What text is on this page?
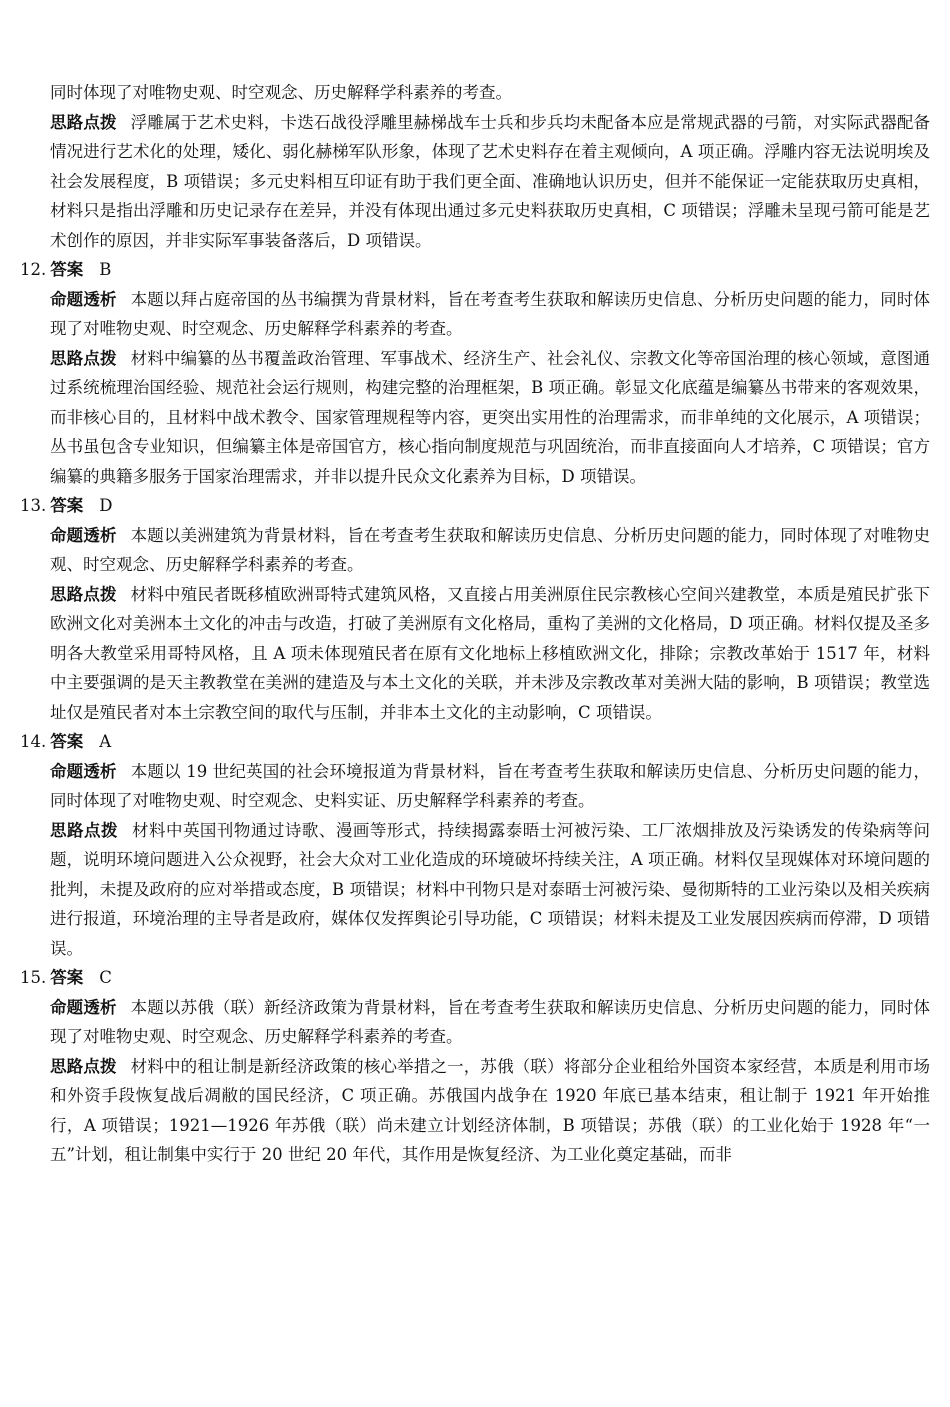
同时体现了对唯物史观、时空观念、历史解释学科素养的考查。

思路点拨 浮雕属于艺术史料，卡迭石战役浮雕里赫梯战车士兵和步兵均未配备本应是常规武器的弓箭，对实际武器配备情况进行艺术化的处理，矮化、弱化赫梯军队形象，体现了艺术史料存在着主观倾向，A 项正确。浮雕内容无法说明埃及社会发展程度，B 项错误；多元史料相互印证有助于我们更全面、准确地认识历史，但并不能保证一定能获取历史真相，材料只是指出浮雕和历史记录存在差异，并没有体现出通过多元史料获取历史真相，C 项错误；浮雕未呈现弓箭可能是艺术创作的原因，并非实际军事装备落后，D 项错误。

12. 答案 B

命题透析 本题以拜占庭帝国的丛书编撰为背景材料，旨在考查考生获取和解读历史信息、分析历史问题的能力，同时体现了对唯物史观、时空观念、历史解释学科素养的考查。

思路点拨 材料中编纂的丛书覆盖政治管理、军事战术、经济生产、社会礼仪、宗教文化等帝国治理的核心领域，意图通过系统梳理治国经验、规范社会运行规则，构建完整的治理框架，B 项正确。彰显文化底蕴是编纂丛书带来的客观效果，而非核心目的，且材料中战术教令、国家管理规程等内容，更突出实用性的治理需求，而非单纯的文化展示，A 项错误；丛书虽包含专业知识，但编纂主体是帝国官方，核心指向制度规范与巩固统治，而非直接面向人才培养，C 项错误；官方编纂的典籍多服务于国家治理需求，并非以提升民众文化素养为目标，D 项错误。

13. 答案 D

命题透析 本题以美洲建筑为背景材料，旨在考查考生获取和解读历史信息、分析历史问题的能力，同时体现了对唯物史观、时空观念、历史解释学科素养的考查。

思路点拨 材料中殖民者既移植欧洲哥特式建筑风格，又直接占用美洲原住民宗教核心空间兴建教堂，本质是殖民扩张下欧洲文化对美洲本土文化的冲击与改造，打破了美洲原有文化格局，重构了美洲的文化格局，D 项正确。材料仅提及圣多明各大教堂采用哥特风格，且 A 项未体现殖民者在原有文化地标上移植欧洲文化，排除；宗教改革始于 1517 年，材料中主要强调的是天主教教堂在美洲的建造及与本土文化的关联，并未涉及宗教改革对美洲大陆的影响，B 项错误；教堂选址仅是殖民者对本土宗教空间的取代与压制，并非本土文化的主动影响，C 项错误。

14. 答案 A

命题透析 本题以 19 世纪英国的社会环境报道为背景材料，旨在考查考生获取和解读历史信息、分析历史问题的能力，同时体现了对唯物史观、时空观念、史料实证、历史解释学科素养的考查。

思路点拨 材料中英国刊物通过诗歌、漫画等形式，持续揭露泰晤士河被污染、工厂浓烟排放及污染诱发的传染病等问题，说明环境问题进入公众视野，社会大众对工业化造成的环境破坏持续关注，A 项正确。材料仅呈现媒体对环境问题的批判，未提及政府的应对举措或态度，B 项错误；材料中刊物只是对泰晤士河被污染、曼彻斯特的工业污染以及相关疾病进行报道，环境治理的主导者是政府，媒体仅发挥舆论引导功能，C 项错误；材料未提及工业发展因疾病而停滞，D 项错误。

15. 答案 C

命题透析 本题以苏俄（联）新经济政策为背景材料，旨在考查考生获取和解读历史信息、分析历史问题的能力，同时体现了对唯物史观、时空观念、历史解释学科素养的考查。

思路点拨 材料中的租让制是新经济政策的核心举措之一，苏俄（联）将部分企业租给外国资本家经营，本质是利用市场和外资手段恢复战后凋敝的国民经济，C 项正确。苏俄国内战争在 1920 年底已基本结束，租让制于 1921 年开始推行，A 项错误；1921—1926 年苏俄（联）尚未建立计划经济体制，B 项错误；苏俄（联）的工业化始于 1928 年“一五”计划，租让制集中实行于 20 世纪 20 年代，其作用是恢复经济、为工业化奠定基础，而非
